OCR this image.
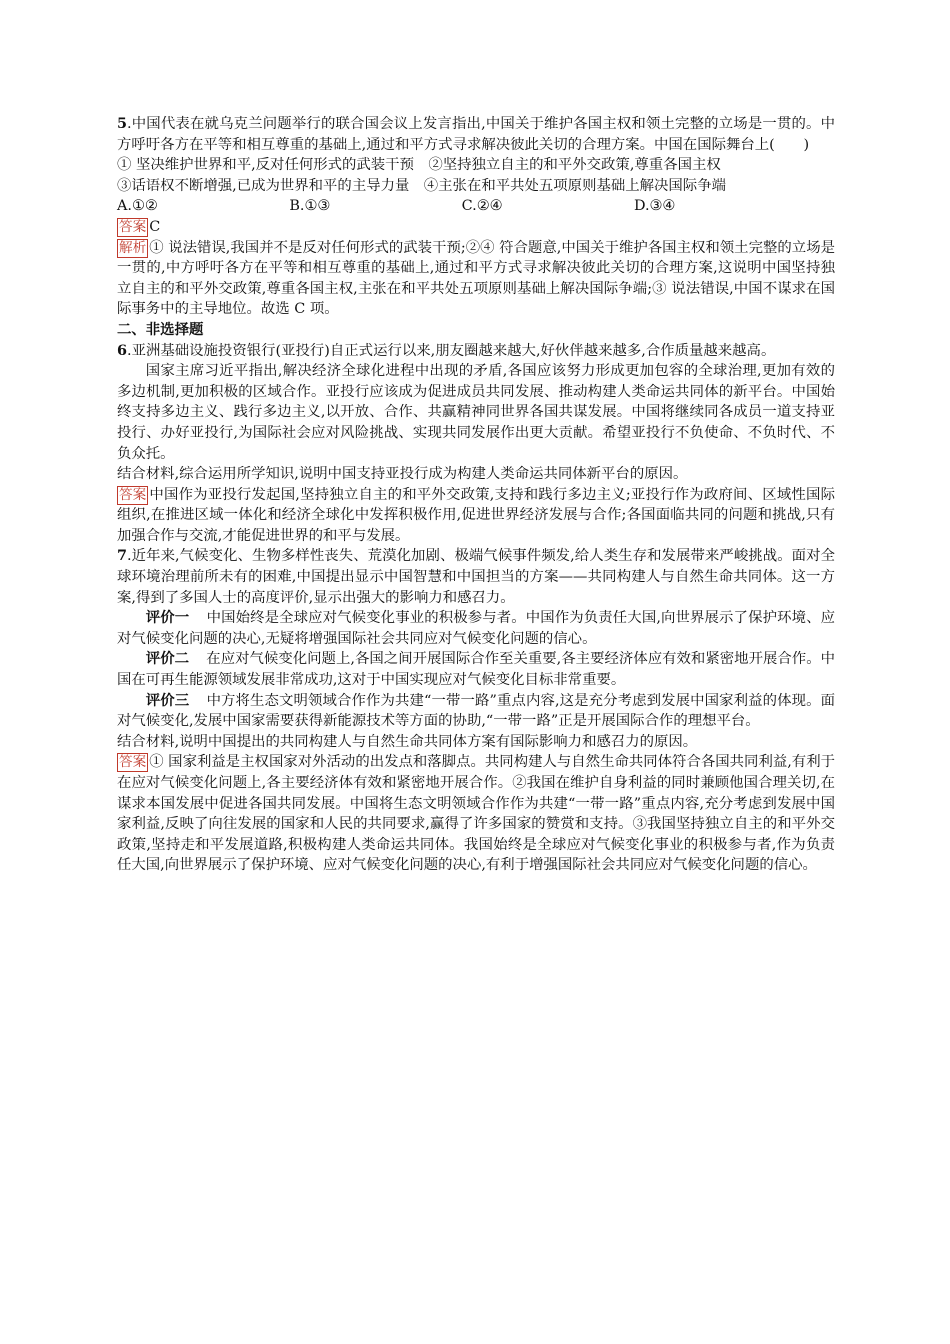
5.中国代表在就乌克兰问题举行的联合国会议上发言指出,中国关于维护各国主权和领土完整的立场是一贯的。中方呼吁各方在平等和相互尊重的基础上,通过和平方式寻求解决彼此关切的合理方案。中国在国际舞台上(　　)

① 坚决维护世界和平,反对任何形式的武装干预　②坚持独立自主的和平外交政策,尊重各国主权

③话语权不断增强,已成为世界和平的主导力量　④主张在和平共处五项原则基础上解决国际争端

A.①②	B.①③	C.②④	D.③④

答案 C

解析 ① 说法错误,我国并不是反对任何形式的武装干预;②④ 符合题意,中国关于维护各国主权和领土完整的立场是一贯的,中方呼吁各方在平等和相互尊重的基础上,通过和平方式寻求解决彼此关切的合理方案,这说明中国坚持独立自主的和平外交政策,尊重各国主权,主张在和平共处五项原则基础上解决国际争端;③ 说法错误,中国不谋求在国际事务中的主导地位。故选 C 项。

二、非选择题

6.亚洲基础设施投资银行(亚投行)自正式运行以来,朋友圈越来越大,好伙伴越来越多,合作质量越来越高。

国家主席习近平指出,解决经济全球化进程中出现的矛盾,各国应该努力形成更加包容的全球治理,更加有效的多边机制,更加积极的区域合作。亚投行应该成为促进成员共同发展、推动构建人类命运共同体的新平台。中国始终支持多边主义、践行多边主义,以开放、合作、共赢精神同世界各国共谋发展。中国将继续同各成员一道支持亚投行、办好亚投行,为国际社会应对风险挑战、实现共同发展作出更大贡献。希望亚投行不负使命、不负时代、不负众托。

结合材料,综合运用所学知识,说明中国支持亚投行成为构建人类命运共同体新平台的原因。

答案 中国作为亚投行发起国,坚持独立自主的和平外交政策,支持和践行多边主义;亚投行作为政府间、区域性国际组织,在推进区域一体化和经济全球化中发挥积极作用,促进世界经济发展与合作;各国面临共同的问题和挑战,只有加强合作与交流,才能促进世界的和平与发展。

7.近年来,气候变化、生物多样性丧失、荒漠化加剧、极端气候事件频发,给人类生存和发展带来严峻挑战。面对全球环境治理前所未有的困难,中国提出显示中国智慧和中国担当的方案——共同构建人与自然生命共同体。这一方案,得到了多国人士的高度评价,显示出强大的影响力和感召力。

评价一 中国始终是全球应对气候变化事业的积极参与者。中国作为负责任大国,向世界展示了保护环境、应对气候变化问题的决心,无疑将增强国际社会共同应对气候变化问题的信心。

评价二 在应对气候变化问题上,各国之间开展国际合作至关重要,各主要经济体应有效和紧密地开展合作。中国在可再生能源领域发展非常成功,这对于中国实现应对气候变化目标非常重要。

评价三 中方将生态文明领域合作作为共建“一带一路”重点内容,这是充分考虑到发展中国家利益的体现。面对气候变化,发展中国家需要获得新能源技术等方面的协助,“一带一路”正是开展国际合作的理想平台。

结合材料,说明中国提出的共同构建人与自然生命共同体方案有国际影响力和感召力的原因。

答案 ① 国家利益是主权国家对外活动的出发点和落脚点。共同构建人与自然生命共同体符合各国共同利益,有利于在应对气候变化问题上,各主要经济体有效和紧密地开展合作。②我国在维护自身利益的同时兼顾他国合理关切,在谋求本国发展中促进各国共同发展。中国将生态文明领域合作作为共建“一带一路”重点内容,充分考虑到发展中国家利益,反映了向往发展的国家和人民的共同要求,赢得了许多国家的赞赏和支持。③我国坚持独立自主的和平外交政策,坚持走和平发展道路,积极构建人类命运共同体。我国始终是全球应对气候变化事业的积极参与者,作为负责任大国,向世界展示了保护环境、应对气候变化问题的决心,有利于增强国际社会共同应对气候变化问题的信心。
